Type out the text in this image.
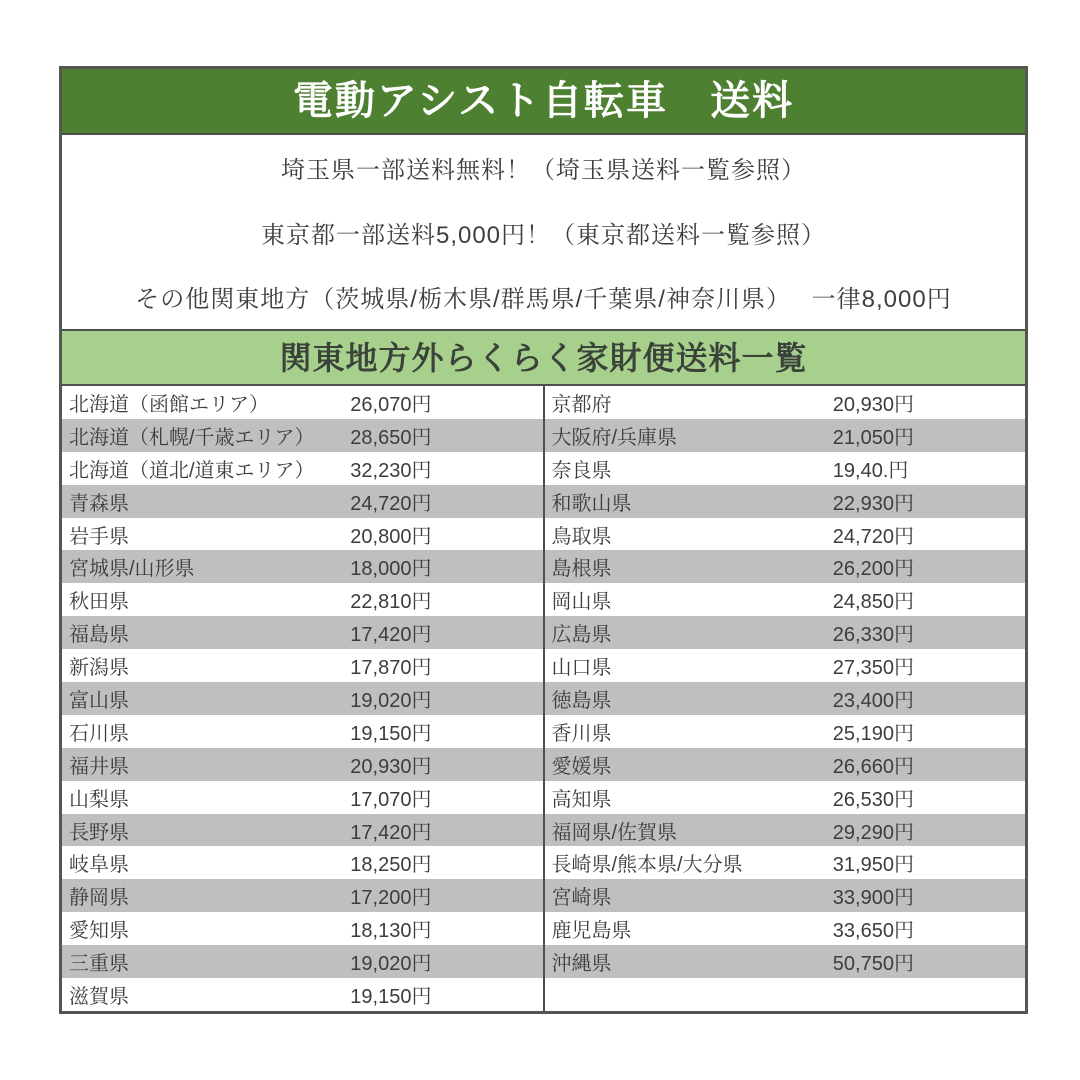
電動アシスト自転車　送料
埼玉県一部送料無料！（埼玉県送料一覧参照）
東京都一部送料5,000円！（東京都送料一覧参照）
その他関東地方（茨城県/栃木県/群馬県/千葉県/神奈川県）　 一律8,000円
関東地方外らくらく家財便送料一覧
北海道（函館エリア）	26,070円
北海道（札幌/千歳エリア） 28,650円
北海道（道北/道東エリア） 32,230円
青森県	24,720円
岩手県	20,800円
宮城県/山形県	18,000円
秋田県	22,810円
福島県	17,420円
新潟県	17,870円
富山県	19,020円
石川県	19,150円
福井県	20,930円
山梨県	17,070円
長野県	17,420円
岐阜県	18,250円
静岡県	17,200円
愛知県	18,130円
三重県	19,020円
滋賀県	19,150円
京都府	20,930円
大阪府/兵庫県	21,050円
奈良県	19,40.円
和歌山県	22,930円
鳥取県	24,720円
島根県	26,200円
岡山県	24,850円
広島県	26,330円
山口県	27,350円
徳島県	23,400円
香川県	25,190円
愛媛県	26,660円
高知県	26,530円
福岡県/佐賀県	29,290円
長崎県/熊本県/大分県	31,950円
宮崎県	33,900円
鹿児島県	33,650円
沖縄県	50,750円
